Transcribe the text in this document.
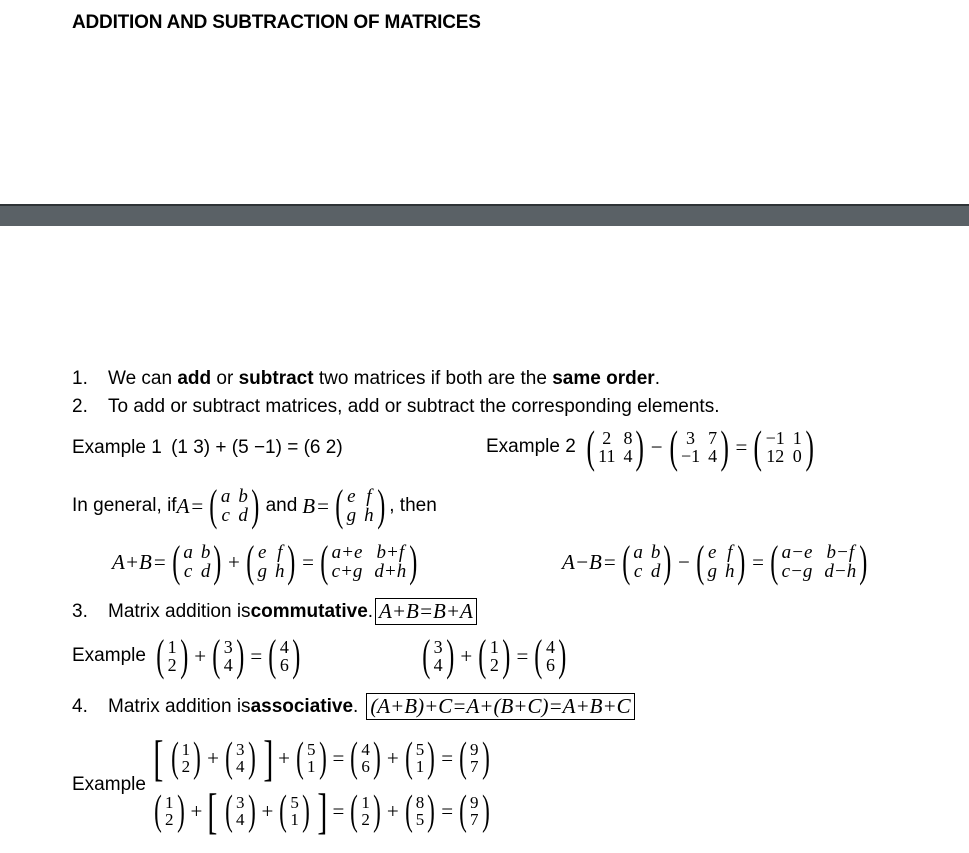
ADDITION AND SUBTRACTION OF MATRICES
1. We can add or subtract two matrices if both are the same order.
2. To add or subtract matrices, add or subtract the corresponding elements.
Example 1 (1 3) + (5 −1) = (6 2)	Example 2 ( 2 8
11 4 ) − ( 3 7
−1 4 ) = ( −1 1
12 0 )
In general, if A = ( a b
c d ) and B = ( e f
g h ) , then
A+B = ( a b
c d ) + ( e f
g h ) = ( a+e b+f
c+g d+h )	A−B = ( a b
c d ) − ( e f
g h ) = ( a−e b−f
c−g d−h )
3.	Matrix addition is commutative . A+B=B+A
Example ( 1
2 ) + ( 3
4 ) = ( 4
6 )	( 3
4 ) + ( 1
2 ) = ( 4
6 )
4.	Matrix addition is associative . (A+B)+C=A+(B+C)=A+B+C
Example [ ( 1
2 ) + ( 3
4 ) ] + ( 5
1 ) = ( 4
6 ) + ( 5
1 ) = ( 9
7 )
( 1
2 ) + [ ( 3
4 ) + ( 5
1 ) ] = ( 1
2 ) + ( 8
5 ) = ( 9
7 )
